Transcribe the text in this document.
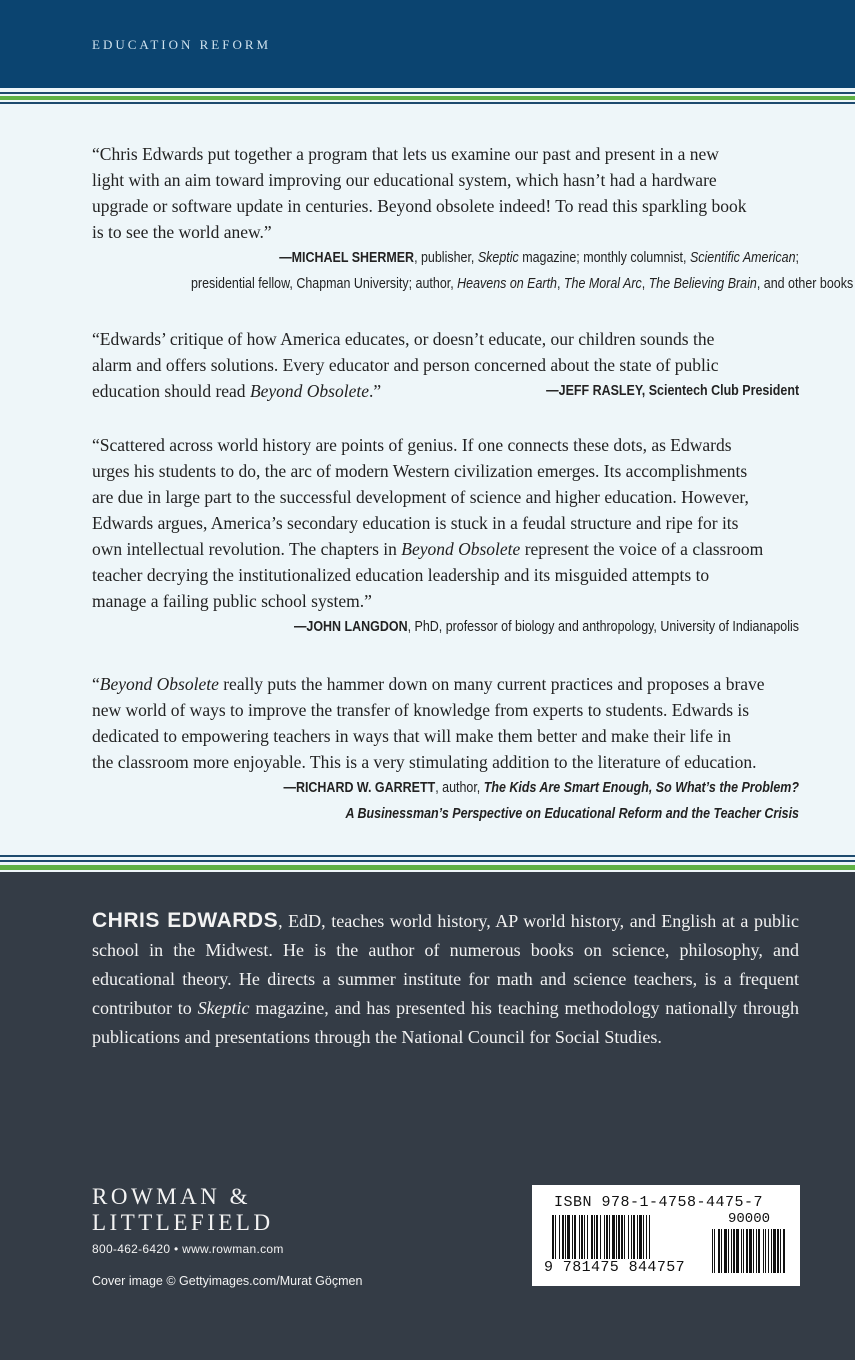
EDUCATION REFORM
“Chris Edwards put together a program that lets us examine our past and present in a new
light with an aim toward improving our educational system, which hasn’t had a hardware
upgrade or software update in centuries. Beyond obsolete indeed! To read this sparkling book
is to see the world anew.”
—MICHAEL SHERMER, publisher, Skeptic magazine; monthly columnist, Scientific American;
presidential fellow, Chapman University; author, Heavens on Earth, The Moral Arc, The Believing Brain, and other books
“Edwards’ critique of how America educates, or doesn’t educate, our children sounds the
alarm and offers solutions. Every educator and person concerned about the state of public
education should read Beyond Obsolete.”	—JEFF RASLEY, Scientech Club President
“Scattered across world history are points of genius. If one connects these dots, as Edwards
urges his students to do, the arc of modern Western civilization emerges. Its accomplishments
are due in large part to the successful development of science and higher education. However,
Edwards argues, America’s secondary education is stuck in a feudal structure and ripe for its
own intellectual revolution. The chapters in Beyond Obsolete represent the voice of a classroom
teacher decrying the institutionalized education leadership and its misguided attempts to
manage a failing public school system.”
—JOHN LANGDON, PhD, professor of biology and anthropology, University of Indianapolis
“Beyond Obsolete really puts the hammer down on many current practices and proposes a brave
new world of ways to improve the transfer of knowledge from experts to students. Edwards is
dedicated to empowering teachers in ways that will make them better and make their life in
the classroom more enjoyable. This is a very stimulating addition to the literature of education.
—RICHARD W. GARRETT, author, The Kids Are Smart Enough, So What’s the Problem?
A Businessman’s Perspective on Educational Reform and the Teacher Crisis
CHRIS EDWARDS, EdD, teaches world history, AP world history, and English at a public school in the Midwest. He is the author of numerous books on science, philosophy, and educational theory. He directs a summer institute for math and science teachers, is a frequent contributor to Skeptic magazine, and has presented his teaching methodology nationally through publications and presentations through the National Council for Social Studies.
ROWMAN &
LITTLEFIELD
800-462-6420 • www.rowman.com
Cover image © Gettyimages.com/Murat Göçmen
ISBN 978-1-4758-4475-7
90000
9 781475 844757
